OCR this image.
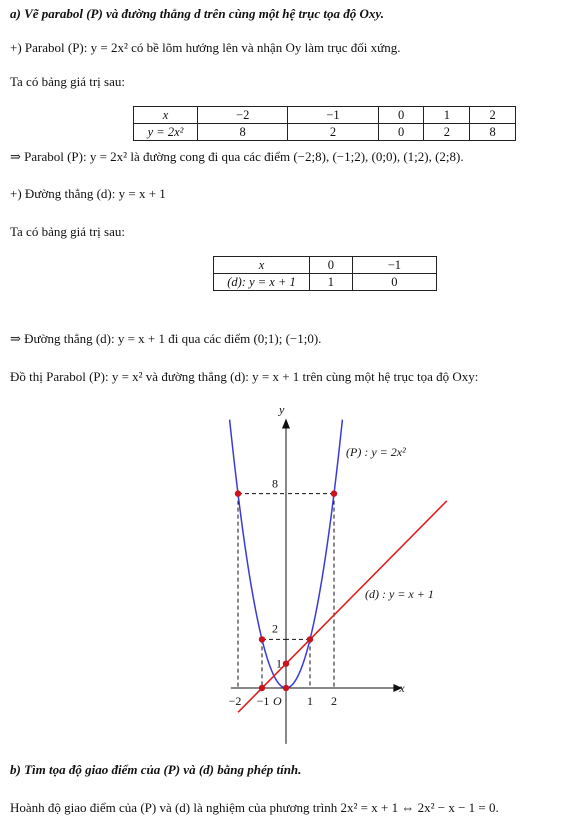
a) Vẽ parabol (P) và đường thẳng d trên cùng một hệ trục tọa độ Oxy.
+) Parabol (P): y = 2x² có bề lõm hướng lên và nhận Oy làm trục đối xứng.
Ta có bảng giá trị sau:
x	−2	−1	0	1	2
y = 2x²	8	2	0	2	8
⇒ Parabol (P): y = 2x² là đường cong đi qua các điểm (−2;8), (−1;2), (0;0), (1;2), (2;8).
+) Đường thẳng (d): y = x + 1
Ta có bảng giá trị sau:
x	0	−1
(d): y = x + 1	1	0
⇒ Đường thẳng (d): y = x + 1 đi qua các điểm (0;1); (−1;0).
Đồ thị Parabol (P): y = x² và đường thẳng (d): y = x + 1 trên cùng một hệ trục tọa độ Oxy:
x
y
O
−2 −1	1 2
8
2
1
(P) : y = 2x²
(d) : y = x + 1
b) Tìm tọa độ giao điểm của (P) và (d) bằng phép tính.
Hoành độ giao điểm của (P) và (d) là nghiệm của phương trình 2x² = x + 1 ⇔ 2x² − x − 1 = 0.
